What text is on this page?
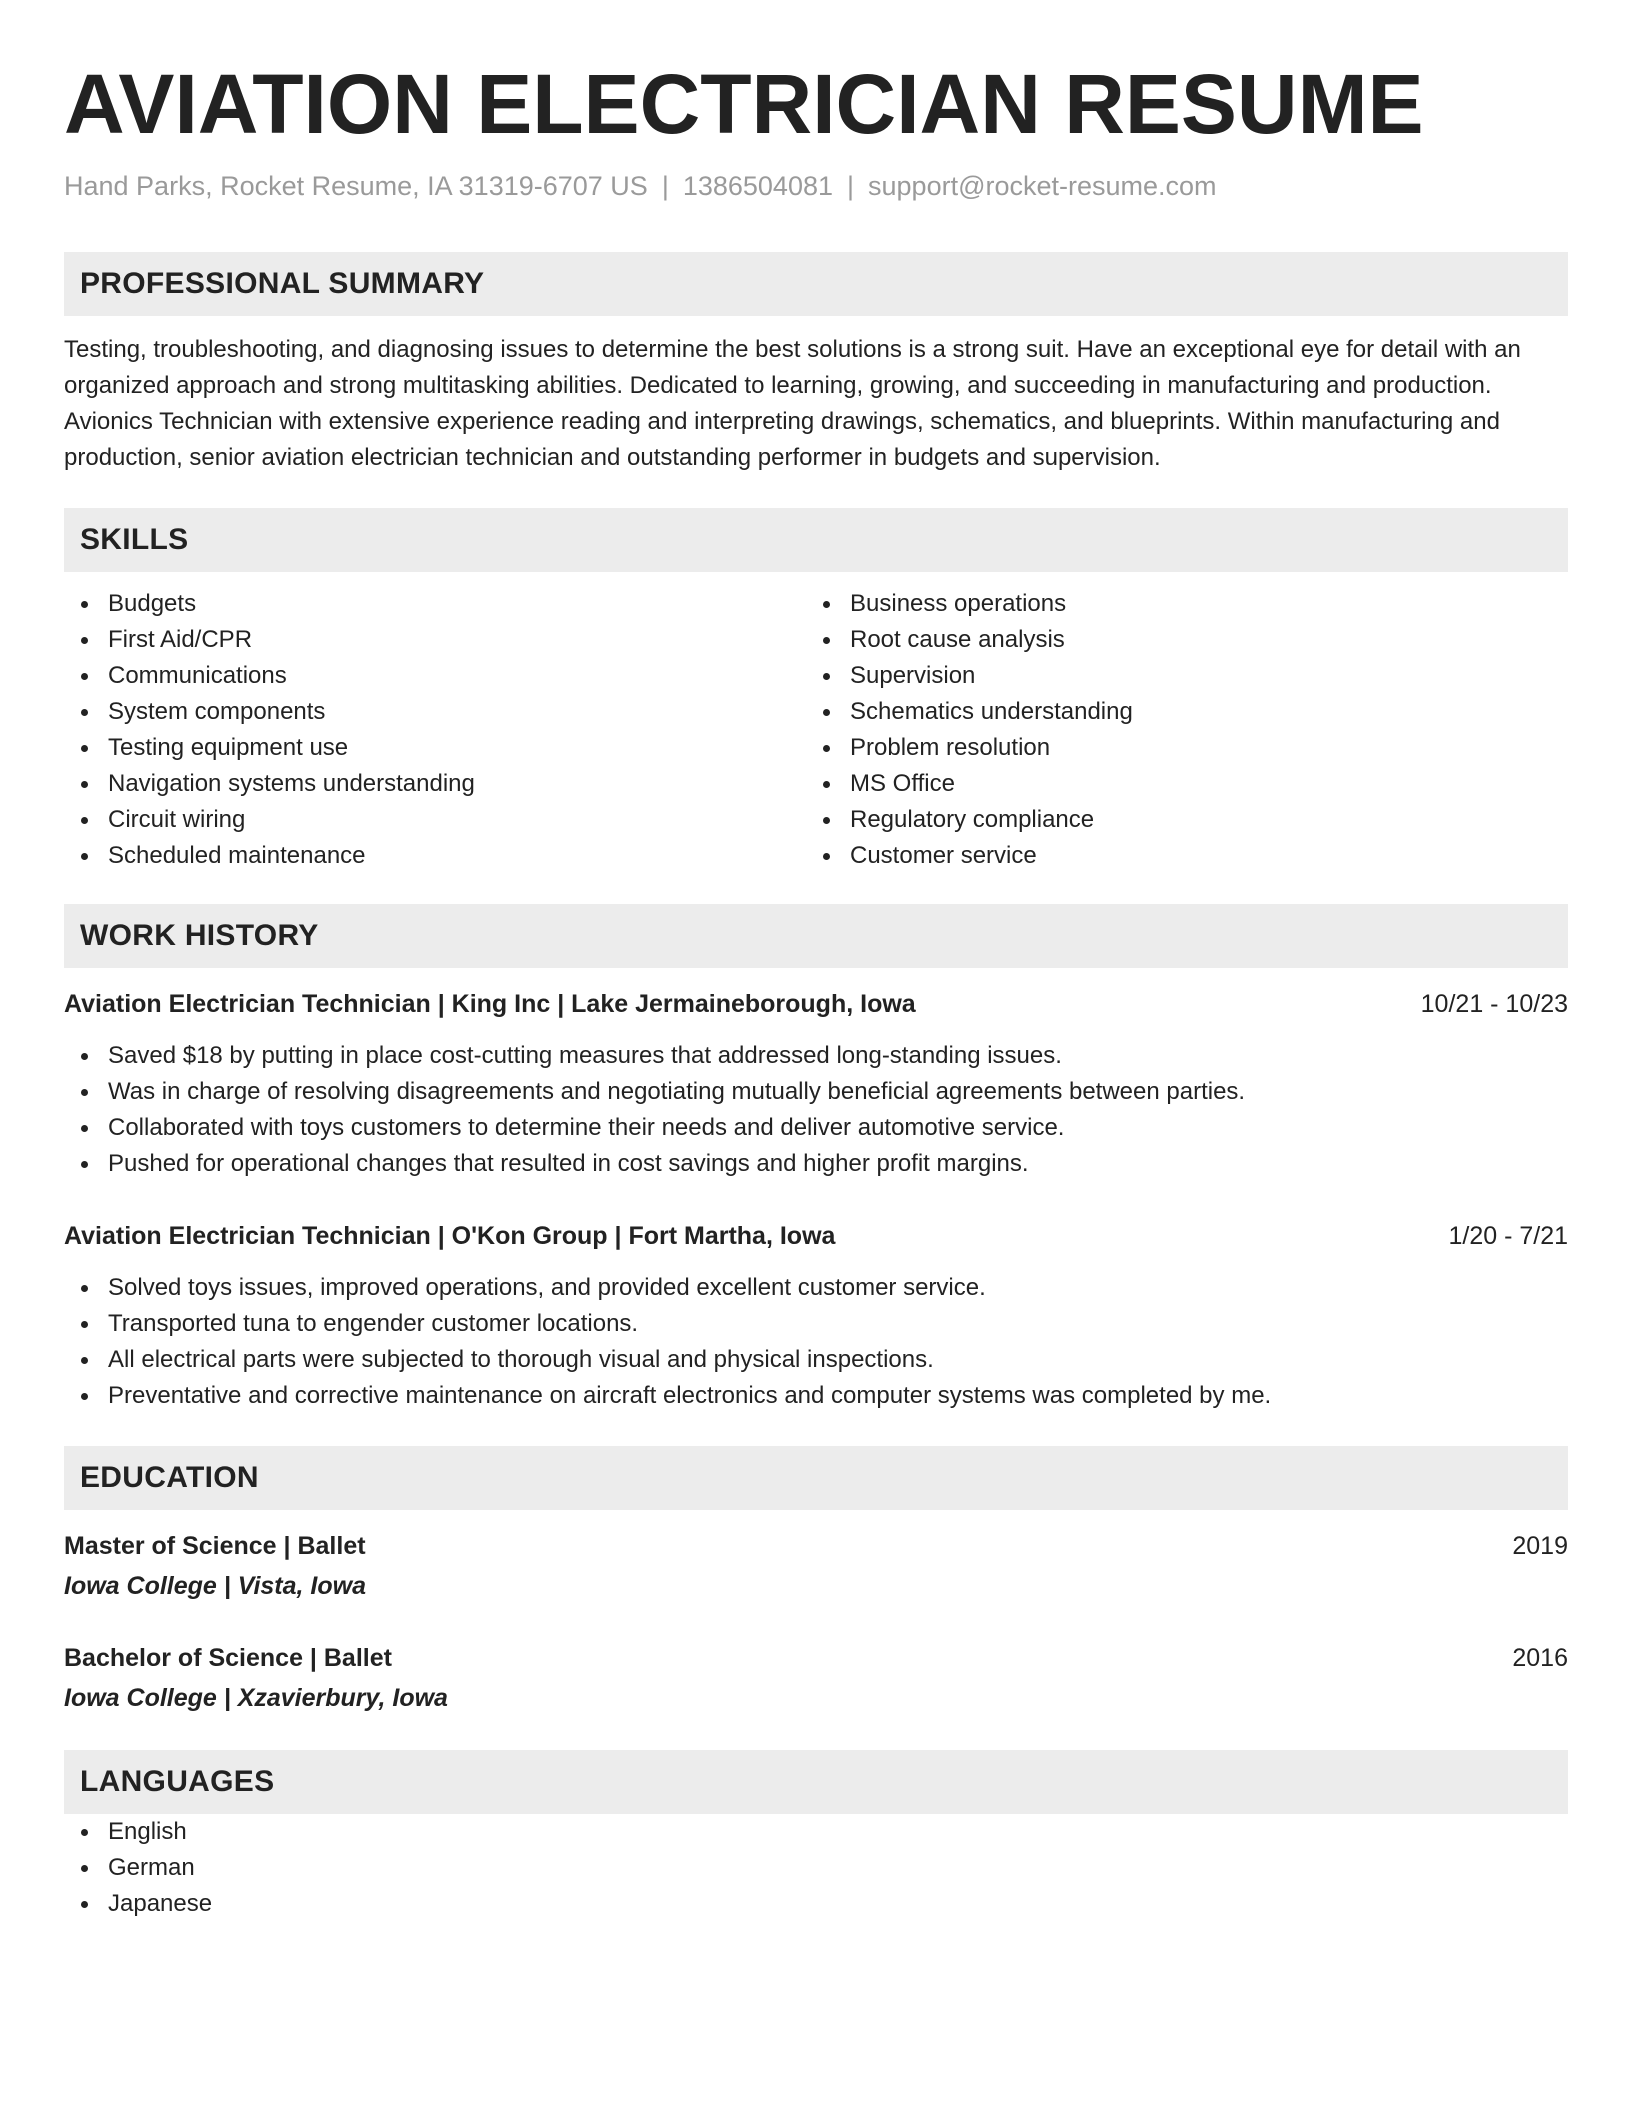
AVIATION ELECTRICIAN RESUME
Hand Parks, Rocket Resume, IA 31319-6707 US | 1386504081 | support@rocket-resume.com
PROFESSIONAL SUMMARY

Testing, troubleshooting, and diagnosing issues to determine the best solutions is a strong suit. Have an exceptional eye for detail with an organized approach and strong multitasking abilities. Dedicated to learning, growing, and succeeding in manufacturing and production. Avionics Technician with extensive experience reading and interpreting drawings, schematics, and blueprints. Within manufacturing and production, senior aviation electrician technician and outstanding performer in budgets and supervision.

SKILLS
Budgets
First Aid/CPR
Communications
System components
Testing equipment use
Navigation systems understanding
Circuit wiring
Scheduled maintenance
Business operations
Root cause analysis
Supervision
Schematics understanding
Problem resolution
MS Office
Regulatory compliance
Customer service
WORK HISTORY
Aviation Electrician Technician | King Inc | Lake Jermaineborough, Iowa	10/21 - 10/23
Saved $18 by putting in place cost-cutting measures that addressed long-standing issues.
Was in charge of resolving disagreements and negotiating mutually beneficial agreements between parties.
Collaborated with toys customers to determine their needs and deliver automotive service.
Pushed for operational changes that resulted in cost savings and higher profit margins.
Aviation Electrician Technician | O'Kon Group | Fort Martha, Iowa	1/20 - 7/21
Solved toys issues, improved operations, and provided excellent customer service.
Transported tuna to engender customer locations.
All electrical parts were subjected to thorough visual and physical inspections.
Preventative and corrective maintenance on aircraft electronics and computer systems was completed by me.
EDUCATION
Master of Science | Ballet	2019
Iowa College | Vista, Iowa
Bachelor of Science | Ballet	2016
Iowa College | Xzavierbury, Iowa
LANGUAGES
English
German
Japanese
